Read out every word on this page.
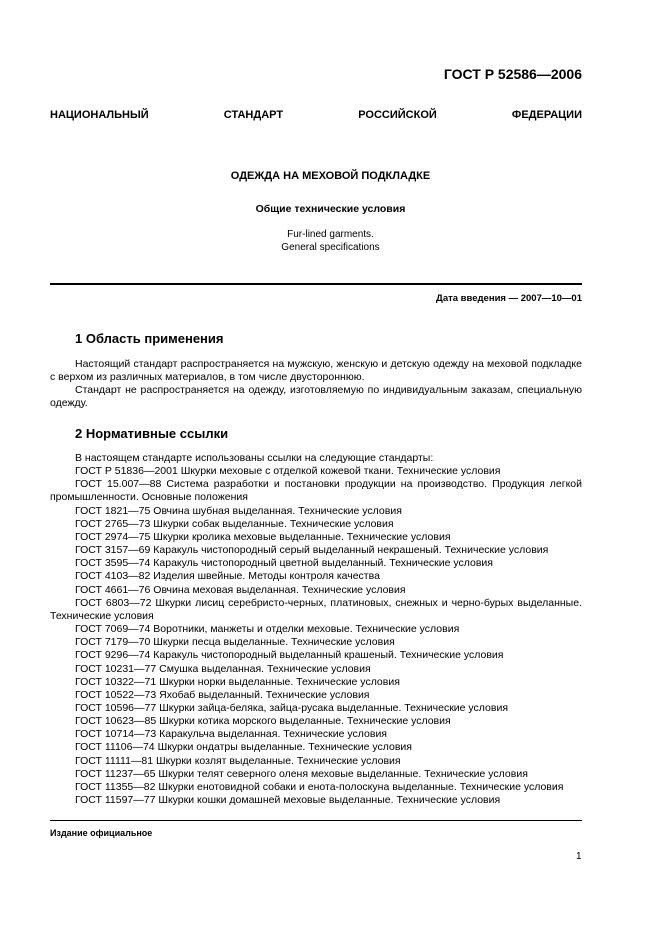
ГОСТ Р 52586—2006
НАЦИОНАЛЬНЫЙ СТАНДАРТ РОССИЙСКОЙ ФЕДЕРАЦИИ
ОДЕЖДА НА МЕХОВОЙ ПОДКЛАДКЕ
Общие технические условия
Fur-lined garments.
General specifications
Дата введения — 2007—10—01
1 Область применения
Настоящий стандарт распространяется на мужскую, женскую и детскую одежду на меховой подкладке с верхом из различных материалов, в том числе двустороннюю.
Стандарт не распространяется на одежду, изготовляемую по индивидуальным заказам, специальную одежду.
2 Нормативные ссылки
В настоящем стандарте использованы ссылки на следующие стандарты:
ГОСТ Р 51836—2001 Шкурки меховые с отделкой кожевой ткани. Технические условия
ГОСТ 15.007—88 Система разработки и постановки продукции на производство. Продукция легкой промышленности. Основные положения
ГОСТ 1821—75 Овчина шубная выделанная. Технические условия
ГОСТ 2765—73 Шкурки собак выделанные. Технические условия
ГОСТ 2974—75 Шкурки кролика меховые выделанные. Технические условия
ГОСТ 3157—69 Каракуль чистопородный серый выделанный некрашеный. Технические условия
ГОСТ 3595—74 Каракуль чистопородный цветной выделанный. Технические условия
ГОСТ 4103—82 Изделия швейные. Методы контроля качества
ГОСТ 4661—76 Овчина меховая выделанная. Технические условия
ГОСТ 6803—72 Шкурки лисиц серебристо-черных, платиновых, снежных и черно-бурых выделанные. Технические условия
ГОСТ 7069—74 Воротники, манжеты и отделки меховые. Технические условия
ГОСТ 7179—70 Шкурки песца выделанные. Технические условия
ГОСТ 9296—74 Каракуль чистопородный выделанный крашеный. Технические условия
ГОСТ 10231—77 Смушка выделанная. Технические условия
ГОСТ 10322—71 Шкурки норки выделанные. Технические условия
ГОСТ 10522—73 Яхобаб выделанный. Технические условия
ГОСТ 10596—77 Шкурки зайца-беляка, зайца-русака выделанные. Технические условия
ГОСТ 10623—85 Шкурки котика морского выделанные. Технические условия
ГОСТ 10714—73 Каракульча выделанная. Технические условия
ГОСТ 11106—74 Шкурки ондатры выделанные. Технические условия
ГОСТ 11111—81 Шкурки козлят выделанные. Технические условия
ГОСТ 11237—65 Шкурки телят северного оленя меховые выделанные. Технические условия
ГОСТ 11355—82 Шкурки енотовидной собаки и енота-полоскуна выделанные. Технические условия
ГОСТ 11597—77 Шкурки кошки домашней меховые выделанные. Технические условия
Издание официальное
1
